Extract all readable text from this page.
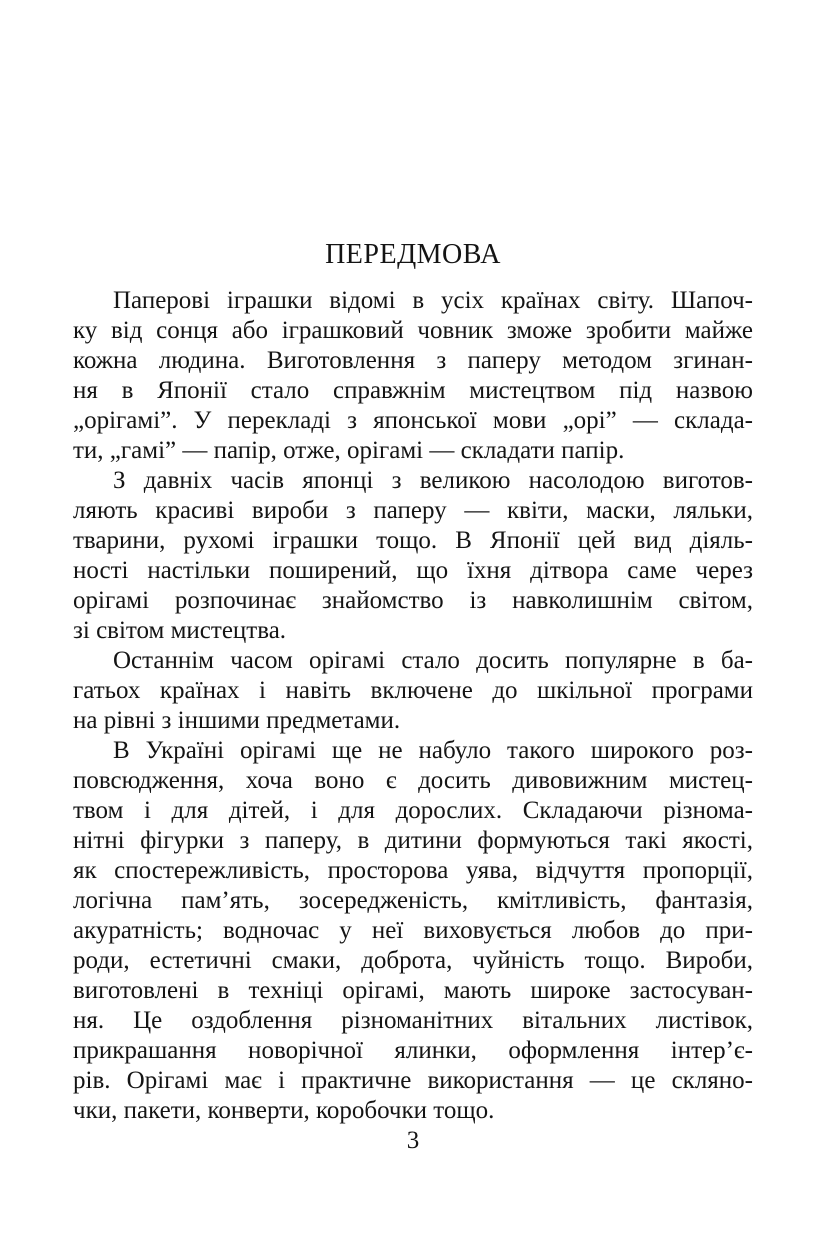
ПЕРЕДМОВА
Паперові іграшки відомі в усіх країнах світу. Шапоч-
ку від сонця або іграшковий човник зможе зробити майже
кожна людина. Виготовлення з паперу методом згинан-
ня в Японії стало справжнім мистецтвом під назвою
„орігамі”. У перекладі з японської мови „орі” — склада-
ти, „гамі” — папір, отже, орігамі — складати папір.
З давніх часів японці з великою насолодою виготов-
ляють красиві вироби з паперу — квіти, маски, ляльки,
тварини, рухомі іграшки тощо. В Японії цей вид діяль-
ності настільки поширений, що їхня дітвора саме через
орігамі розпочинає знайомство із навколишнім світом,
зі світом мистецтва.
Останнім часом орігамі стало досить популярне в ба-
гатьох країнах і навіть включене до шкільної програми
на рівні з іншими предметами.
В Україні орігамі ще не набуло такого широкого роз-
повсюдження, хоча воно є досить дивовижним мистец-
твом і для дітей, і для дорослих. Складаючи різнома-
нітні фігурки з паперу, в дитини формуються такі якості,
як спостережливість, просторова уява, відчуття пропорції,
логічна пам’ять, зосередженість, кмітливість, фантазія,
акуратність; водночас у неї виховується любов до при-
роди, естетичні смаки, доброта, чуйність тощо. Вироби,
виготовлені в техніці орігамі, мають широке застосуван-
ня. Це оздоблення різноманітних вітальних листівок,
прикрашання новорічної ялинки, оформлення інтер’є-
рів. Орігамі має і практичне використання — це скляно-
чки, пакети, конверти, коробочки тощо.
3
